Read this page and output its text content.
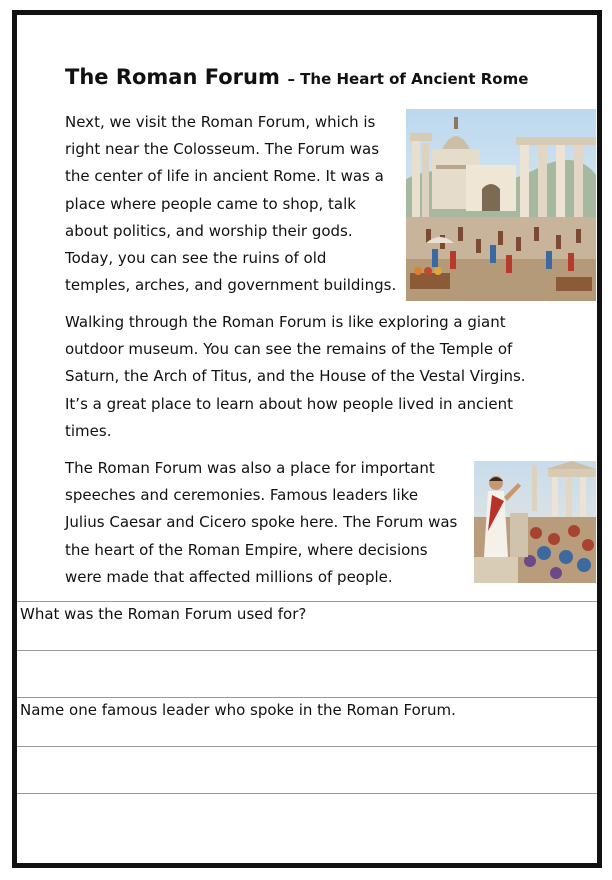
The Roman Forum – The Heart of Ancient Rome

Next, we visit the Roman Forum, which is
right near the Colosseum. The Forum was
the center of life in ancient Rome. It was a
place where people came to shop, talk
about politics, and worship their gods.
Today, you can see the ruins of old
temples, arches, and government buildings.

Walking through the Roman Forum is like exploring a giant
outdoor museum. You can see the remains of the Temple of
Saturn, the Arch of Titus, and the House of the Vestal Virgins.
It’s a great place to learn about how people lived in ancient
times.

The Roman Forum was also a place for important
speeches and ceremonies. Famous leaders like
Julius Caesar and Cicero spoke here. The Forum was
the heart of the Roman Empire, where decisions
were made that affected millions of people.

What was the Roman Forum used for?
Name one famous leader who spoke in the Roman Forum.
